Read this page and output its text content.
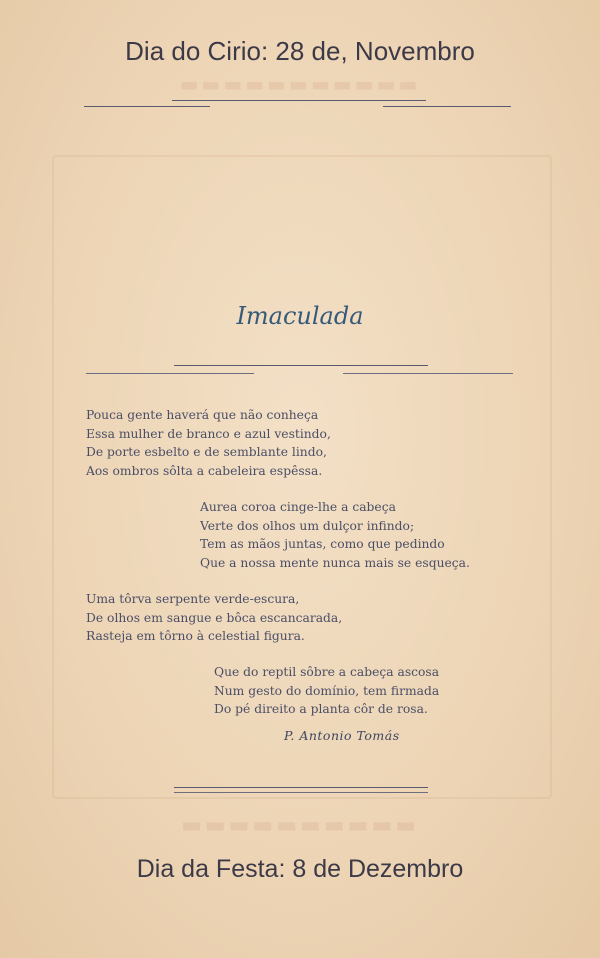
▬▬▬▬▬▬▬▬▬▬▬
▬▬▬▬▬▬▬▬▬▬
Dia do Cirio: 28 de, Novembro
Imaculada
Pouca gente haverá que não conheça
Essa mulher de branco e azul vestindo,
De porte esbelto e de semblante lindo,
Aos ombros sôlta a cabeleira espêssa.
Aurea coroa cinge-lhe a cabeça
Verte dos olhos um dulçor infindo;
Tem as mãos juntas, como que pedindo
Que a nossa mente nunca mais se esqueça.
Uma tôrva serpente verde-escura,
De olhos em sangue e bôca escancarada,
Rasteja em tôrno à celestial figura.
Que do reptil sôbre a cabeça ascosa
Num gesto do domínio, tem firmada
Do pé direito a planta côr de rosa.
P. Antonio Tomás
Dia da Festa: 8 de Dezembro
